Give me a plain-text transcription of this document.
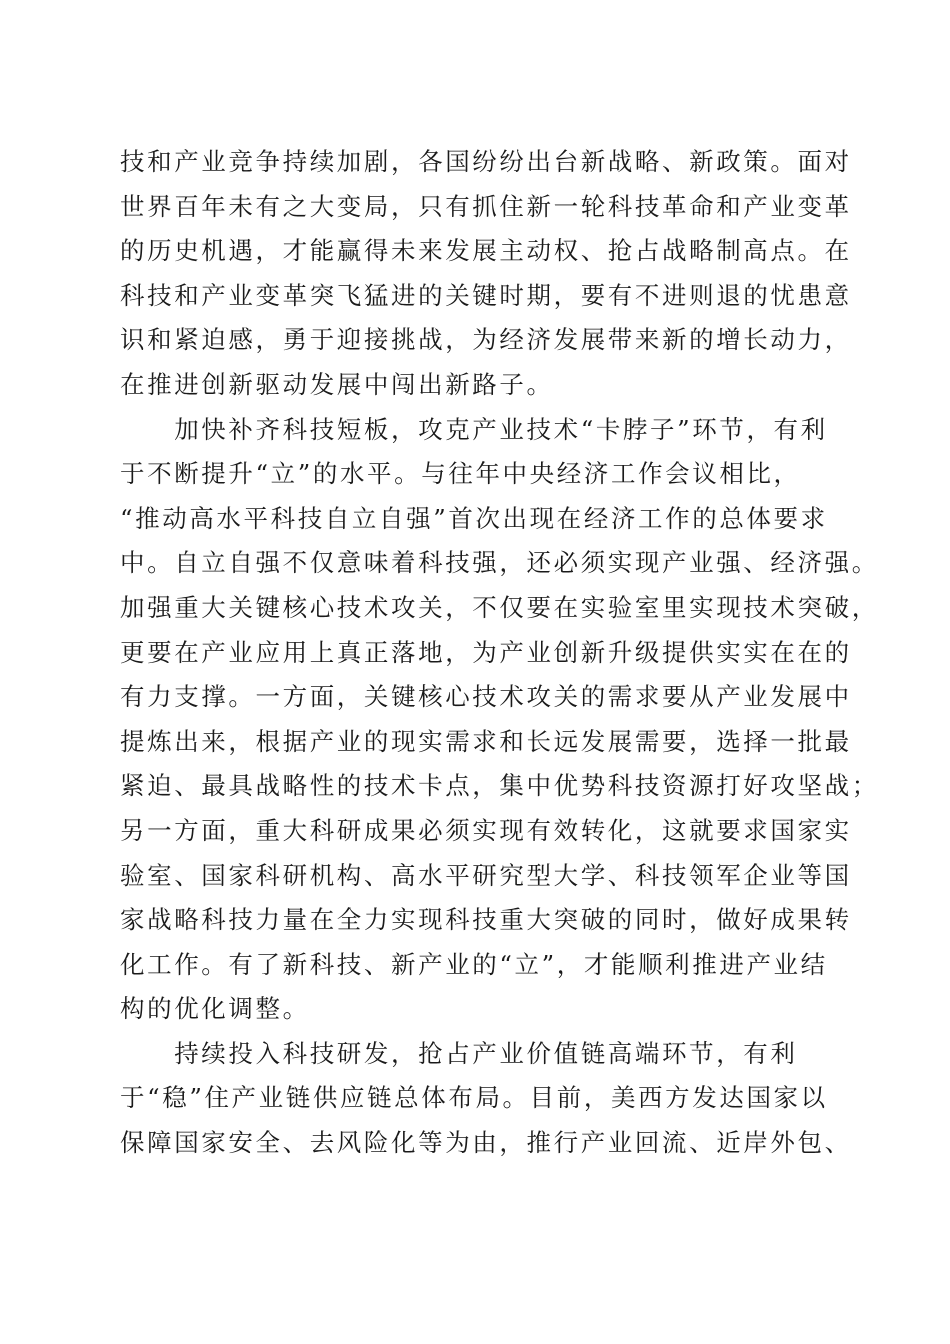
技和产业竞争持续加剧，各国纷纷出台新战略、新政策。面对
世界百年未有之大变局，只有抓住新一轮科技革命和产业变革
的历史机遇，才能赢得未来发展主动权、抢占战略制高点。在
科技和产业变革突飞猛进的关键时期，要有不进则退的忧患意
识和紧迫感，勇于迎接挑战，为经济发展带来新的增长动力，
在推进创新驱动发展中闯出新路子。
　　加快补齐科技短板，攻克产业技术“卡脖子”环节，有利
于不断提升“立”的水平。与往年中央经济工作会议相比，
“推动高水平科技自立自强”首次出现在经济工作的总体要求
中。自立自强不仅意味着科技强，还必须实现产业强、经济强。
加强重大关键核心技术攻关，不仅要在实验室里实现技术突破，
更要在产业应用上真正落地，为产业创新升级提供实实在在的
有力支撑。一方面，关键核心技术攻关的需求要从产业发展中
提炼出来，根据产业的现实需求和长远发展需要，选择一批最
紧迫、最具战略性的技术卡点，集中优势科技资源打好攻坚战；
另一方面，重大科研成果必须实现有效转化，这就要求国家实
验室、国家科研机构、高水平研究型大学、科技领军企业等国
家战略科技力量在全力实现科技重大突破的同时，做好成果转
化工作。有了新科技、新产业的“立”，才能顺利推进产业结
构的优化调整。
　　持续投入科技研发，抢占产业价值链高端环节，有利
于“稳”住产业链供应链总体布局。目前，美西方发达国家以
保障国家安全、去风险化等为由，推行产业回流、近岸外包、
